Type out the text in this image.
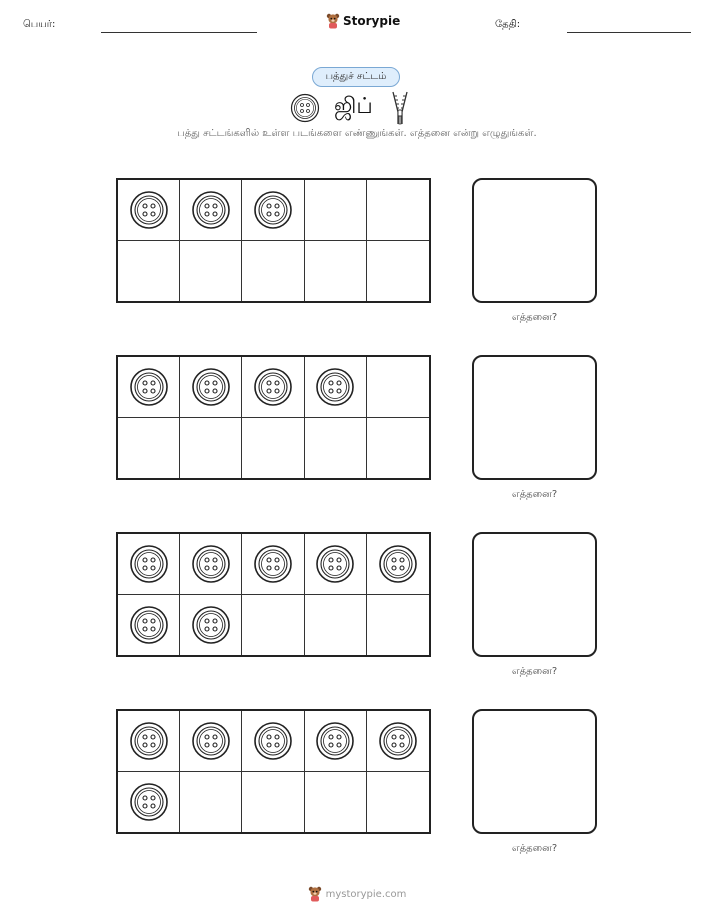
பெயர்:	Storypie	தேதி:
பத்துச் சட்டம்
ஜிப்
பத்து சட்டங்களில் உள்ள படங்களை எண்ணுங்கள். எத்தனை என்று எழுதுங்கள்.
எத்தனை?
எத்தனை?
எத்தனை?
எத்தனை?
mystorypie.com
